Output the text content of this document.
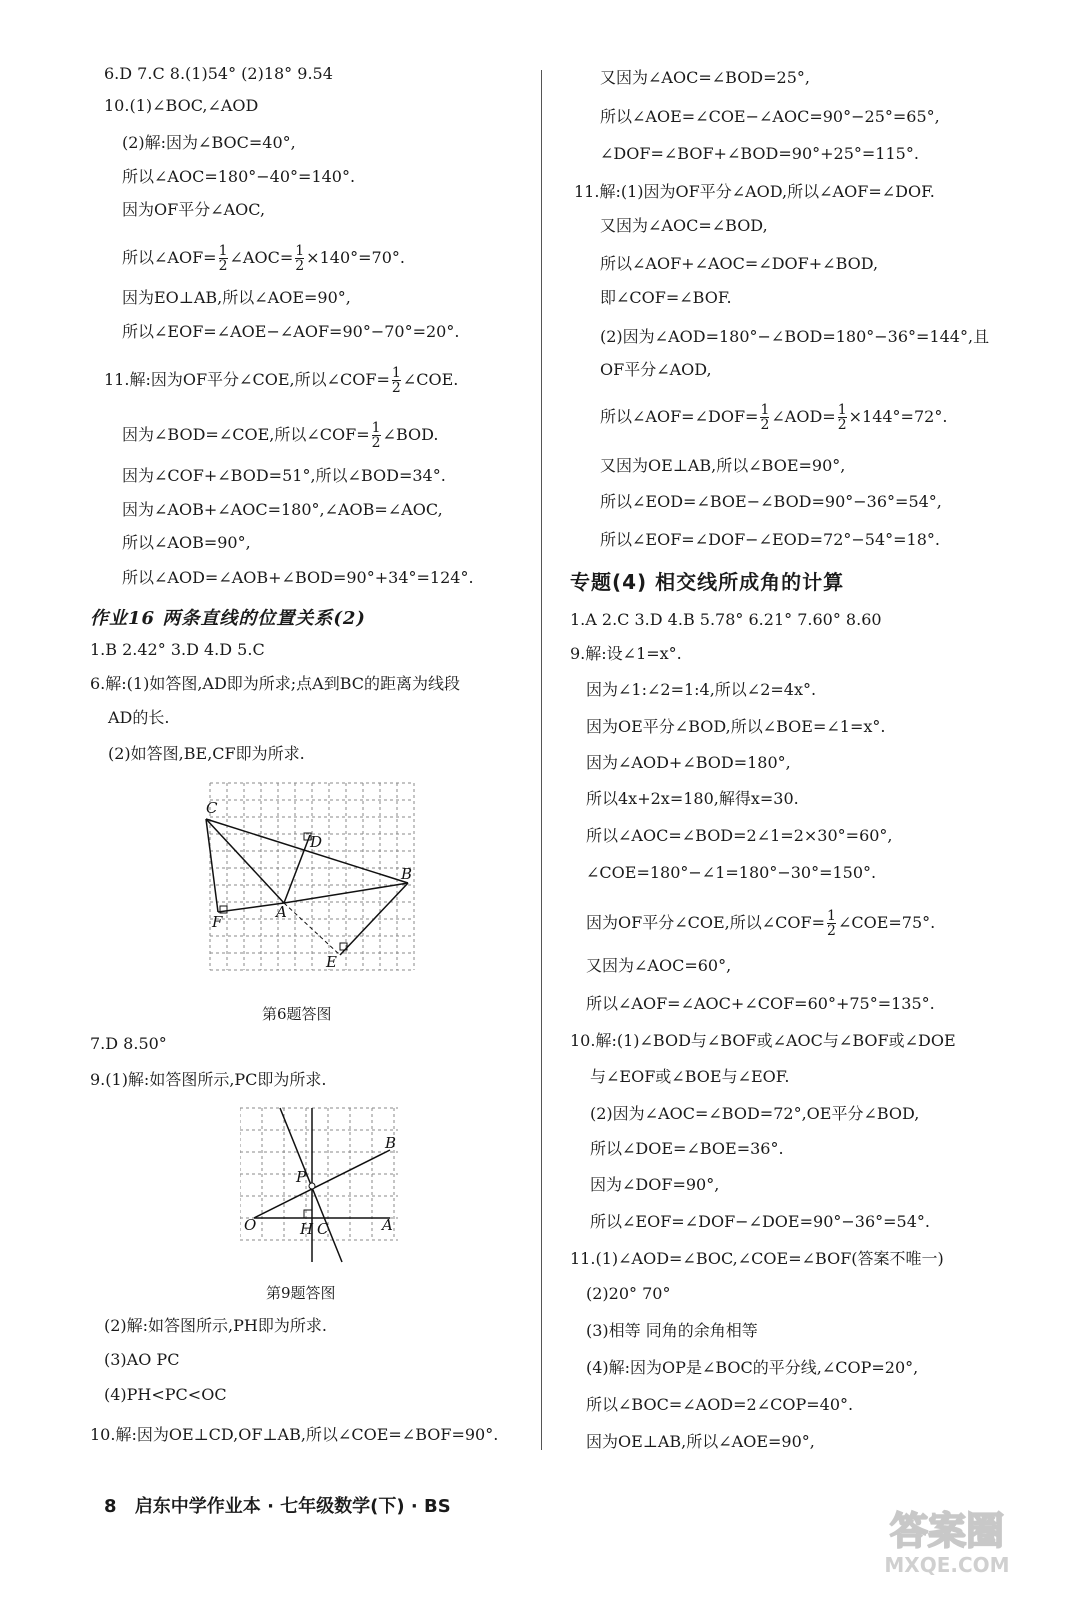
6.D 7.C 8.(1)54° (2)18° 9.54
10.(1)∠BOC,∠AOD
(2)解:因为∠BOC=40°,
所以∠AOC=180°−40°=140°.
因为OF平分∠AOC,
所以∠AOF= $\frac{1}{2}$ ∠AOC= $\frac{1}{2} \times 140^\circ=70^\circ$.
因为EO⊥AB,所以∠AOE=90°,
所以∠EOF=∠AOE−∠AOF=90°−70°=20°.
11.解:因为OF平分∠COE,所以∠COF= $\frac{1}{2}$ ∠COE.
因为∠BOD=∠COE,所以∠COF= $\frac{1}{2}$ ∠BOD.
因为∠COF+∠BOD=51°,所以∠BOD=34°.
因为∠AOB+∠AOC=180°,∠AOB=∠AOC,
所以∠AOB=90°,
所以∠AOD=∠AOB+∠BOD=90°+34°=124°.
作业16 两条直线的位置关系(2)
1.B 2.42° 3.D 4.D 5.C
6.解:(1)如答图,AD即为所求;点A到BC的距离为线段
AD的长.
(2)如答图,BE,CF即为所求.
C
D
B
A
F
E
第6题答图
7.D 8.50°
9.(1)解:如答图所示,PC即为所求.
B
P
O	H C	A
第9题答图
(2)解:如答图所示,PH即为所求.
(3)AO PC
(4)PH<PC<OC
10.解:因为OE⊥CD,OF⊥AB,所以∠COE=∠BOF=90°.
又因为∠AOC=∠BOD=25°,
所以∠AOE=∠COE−∠AOC=90°−25°=65°,
∠DOF=∠BOF+∠BOD=90°+25°=115°.
11.解:(1)因为OF平分∠AOD,所以∠AOF=∠DOF.
又因为∠AOC=∠BOD,
所以∠AOF+∠AOC=∠DOF+∠BOD,
即∠COF=∠BOF.
(2)因为∠AOD=180°−∠BOD=180°−36°=144°,且
OF平分∠AOD,
所以∠AOF=∠DOF= $\frac{1}{2}$ ∠AOD= $\frac{1}{2} \times 144^\circ=72^\circ$.
又因为OE⊥AB,所以∠BOE=90°,
所以∠EOD=∠BOE−∠BOD=90°−36°=54°,
所以∠EOF=∠DOF−∠EOD=72°−54°=18°.
专题(4) 相交线所成角的计算
1.A 2.C 3.D 4.B 5.78° 6.21° 7.60° 8.60
9.解:设∠1=x°.
因为∠1:∠2=1:4,所以∠2=4x°.
因为OE平分∠BOD,所以∠BOE=∠1=x°.
因为∠AOD+∠BOD=180°,
所以4x+2x=180,解得x=30.
所以∠AOC=∠BOD=2∠1=2×30°=60°,
∠COE=180°−∠1=180°−30°=150°.
因为OF平分∠COE,所以∠COF= $\frac{1}{2}$ ∠COE=75°.
又因为∠AOC=60°,
所以∠AOF=∠AOC+∠COF=60°+75°=135°.
10.解:(1)∠BOD与∠BOF或∠AOC与∠BOF或∠DOE
与∠EOF或∠BOE与∠EOF.
(2)因为∠AOC=∠BOD=72°,OE平分∠BOD,
所以∠DOE=∠BOE=36°.
因为∠DOF=90°,
所以∠EOF=∠DOF−∠DOE=90°−36°=54°.
11.(1)∠AOD=∠BOC,∠COE=∠BOF(答案不唯一)
(2)20° 70°
(3)相等 同角的余角相等
(4)解:因为OP是∠BOC的平分线,∠COP=20°,
所以∠BOC=∠AOD=2∠COP=40°.
因为OE⊥AB,所以∠AOE=90°,
8 启东中学作业本 · 七年级数学(下) · BS
答案圈
MXQE.COM
